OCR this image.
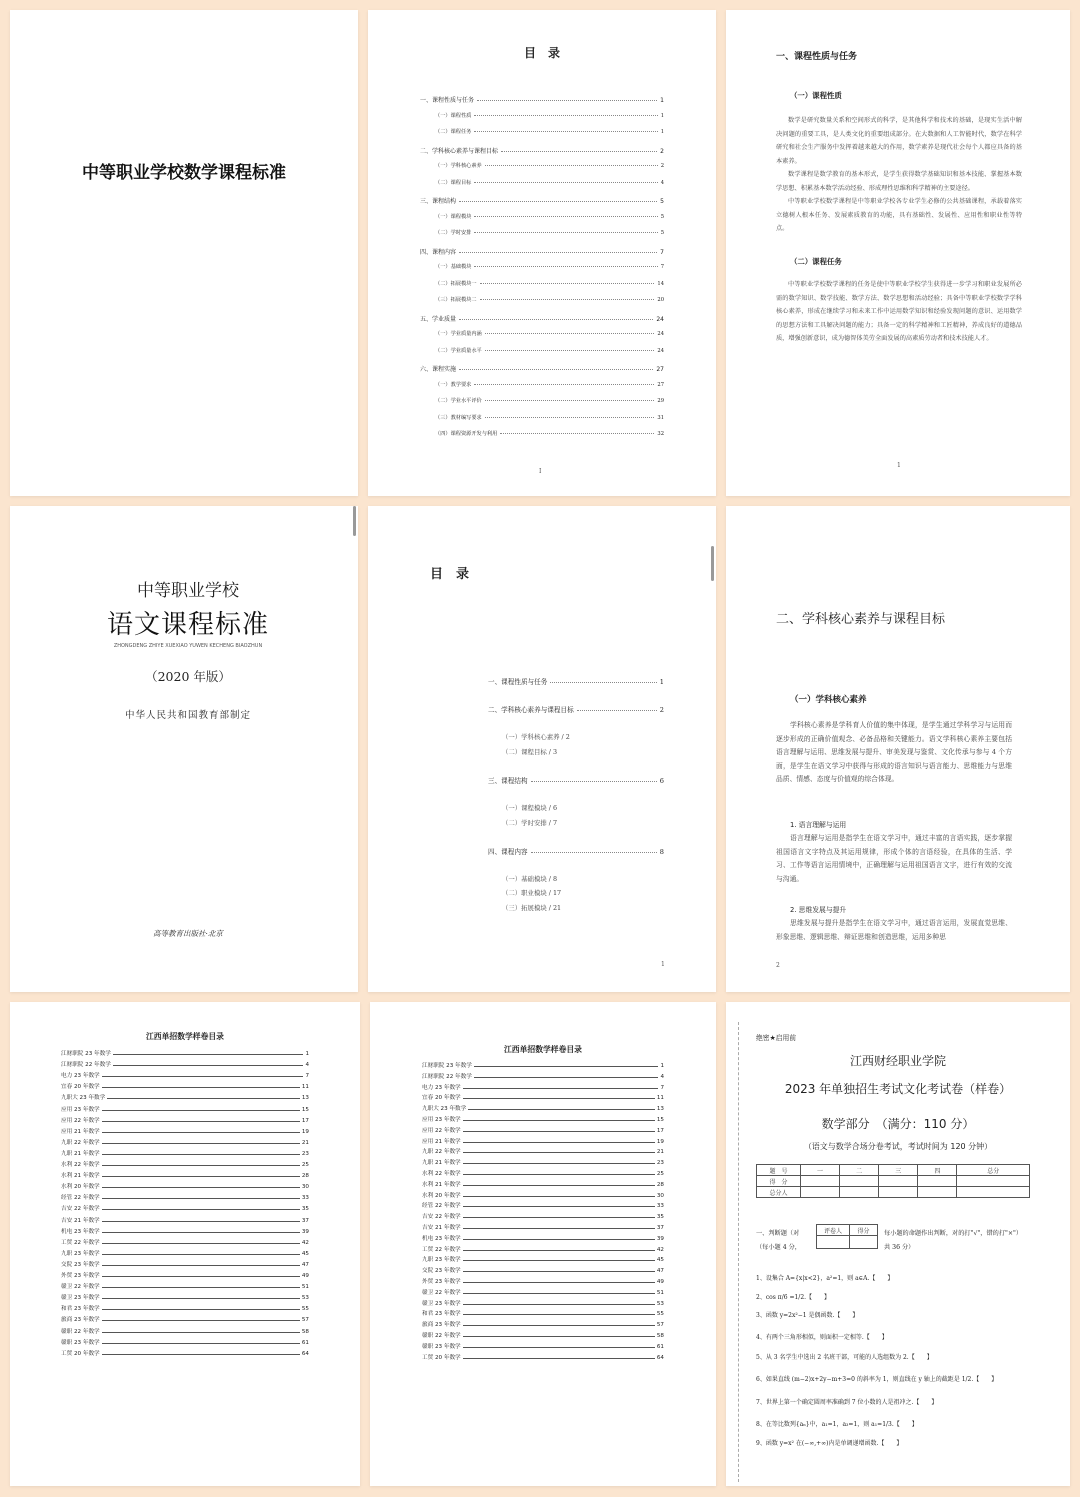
中等职业学校数学课程标准
目　录
一、课程性质与任务	1
（一）课程性质	1
（二）课程任务	1
二、学科核心素养与课程目标	2
（一）学科核心素养	2
（二）课程目标	4
三、课程结构	5
（一）课程模块	5
（二）学时安排	5
四、课程内容	7
（一）基础模块	7
（二）拓展模块一	14
（三）拓展模块二	20
五、学业质量	24
（一）学业质量内涵	24
（二）学业质量水平	24
六、课程实施	27
（一）教学要求	27
（二）学业水平评价	29
（三）教材编写要求	31
（四）课程资源开发与利用	32
I
一、课程性质与任务
（一）课程性质
数学是研究数量关系和空间形式的科学，是其他科学和技术的基础，是现实生活中解决问题的重要工具，是人类文化的重要组成部分。在大数据和人工智能时代，数学在科学研究和社会生产服务中发挥着越来越大的作用，数学素养是现代社会每个人都应具备的基本素养。
数学课程是数学教育的基本形式，是学生获得数学基础知识和基本技能、掌握基本数学思想、积累基本数学活动经验、形成理性思维和科学精神的主要途径。
中等职业学校数学课程是中等职业学校各专业学生必修的公共基础课程，承载着落实立德树人根本任务、发展素质教育的功能，具有基础性、发展性、应用性和职业性等特点。
（二）课程任务
中等职业学校数学课程的任务是使中等职业学校学生获得进一步学习和职业发展所必需的数学知识、数学技能、数学方法、数学思想和活动经验；具备中等职业学校数学学科核心素养，形成在继续学习和未来工作中运用数学知识和经验发现问题的意识、运用数学的思想方法和工具解决问题的能力；具备一定的科学精神和工匠精神，养成良好的道德品质，增强创新意识，成为德智体美劳全面发展的高素质劳动者和技术技能人才。
1
中等职业学校
语文课程标准
ZHONGDENG ZHIYE XUEXIAO YUWEN KECHENG BIAOZHUN
（2020 年版）
中华人民共和国教育部制定
高等教育出版社·北京
目　录
一、课程性质与任务	1
二、学科核心素养与课程目标	2
（一）学科核心素养 / 2
（二）课程目标 / 3
三、课程结构	6
（一）课程模块 / 6
（二）学时安排 / 7
四、课程内容	8
（一）基础模块 / 8
（二）职业模块 / 17
（三）拓展模块 / 21
1
二、学科核心素养与课程目标
（一）学科核心素养
学科核心素养是学科育人价值的集中体现，是学生通过学科学习与运用而逐步形成的正确价值观念、必备品格和关键能力。语文学科核心素养主要包括语言理解与运用、思维发展与提升、审美发现与鉴赏、文化传承与参与 4 个方面，是学生在语文学习中获得与形成的语言知识与语言能力、思维能力与思维品质、情感、态度与价值观的综合体现。
1. 语言理解与运用
语言理解与运用是指学生在语文学习中，通过丰富的言语实践，逐步掌握祖国语言文字特点及其运用规律，形成个体的言语经验，在具体的生活、学习、工作等语言运用情境中，正确理解与运用祖国语言文字，进行有效的交流与沟通。
2. 思维发展与提升
思维发展与提升是指学生在语文学习中，通过语言运用，发展直觉思维、形象思维、逻辑思维、辩证思维和创造思维，运用多种思
2
江西单招数学样卷目录
江财职院 23 年数学	1
江财职院 22 年数学	4
电力 23 年数学	7
宜春 20 年数学	11
九职大 23 年数学	13
应用 23 年数学	15
应用 22 年数学	17
应用 21 年数学	19
九职 22 年数学	21
九职 21 年数学	23
水利 22 年数学	25
水利 21 年数学	28
水利 20 年数学	30
经管 22 年数学	33
吉安 22 年数学	35
吉安 21 年数学	37
机电 23 年数学	39
工贸 22 年数学	42
九职 23 年数学	45
交院 23 年数学	47
外贸 23 年数学	49
赣卫 22 年数学	51
赣卫 23 年数学	53
和君 23 年数学	55
旅商 23 年数学	57
赣职 22 年数学	58
赣职 23 年数学	61
工贸 20 年数学	64
江西单招数学样卷目录
江财职院 23 年数学	1
江财职院 22 年数学	4
电力 23 年数学	7
宜春 20 年数学	11
九职大 23 年数学	13
应用 23 年数学	15
应用 22 年数学	17
应用 21 年数学	19
九职 22 年数学	21
九职 21 年数学	23
水利 22 年数学	25
水利 21 年数学	28
水利 20 年数学	30
经管 22 年数学	33
吉安 22 年数学	35
吉安 21 年数学	37
机电 23 年数学	39
工贸 22 年数学	42
九职 23 年数学	45
交院 23 年数学	47
外贸 23 年数学	49
赣卫 22 年数学	51
赣卫 23 年数学	53
和君 23 年数学	55
旅商 23 年数学	57
赣职 22 年数学	58
赣职 23 年数学	61
工贸 20 年数学	64
绝密★启用前
江西财经职业学院
2023 年单独招生考试文化考试卷（样卷）
数学部分　（满分：110 分）
（语文与数学合场分卷考试，考试时间为 120 分钟）
题　号	一	二	三	四	总分
得　分					
总分人					
一、判断题（对
（每小题 4 分，
评卷人	得分
	每小题的命题作出判断，对的打"√"，错的打"×"）
共 36 分）
1、设集合 A={x|x<2}，a²=1，则 a∈A.【　　】
2、cos π/6 =1/2.【　　】
3、函数 y=2x²−1 是偶函数.【　　】
4、有两个三角形相似，则面积一定相等.【　　】
5、从 3 名学生中选出 2 名班干部，可能的人选组数为 2.【　　】
6、如果直线 (m−2)x+2y−m+3=0 的斜率为 1，则直线在 y 轴上的截距是 1/2.【　　】
7、世界上第一个确定圆周率准确到 7 位小数的人是祖冲之.【　　】
8、在等比数列{aₙ}中，a₁=1，a₃=1，则 a₁=1/3.【　　】
9、函数 y=x² 在(−∞,+∞)内是单调递增函数.【　　】
